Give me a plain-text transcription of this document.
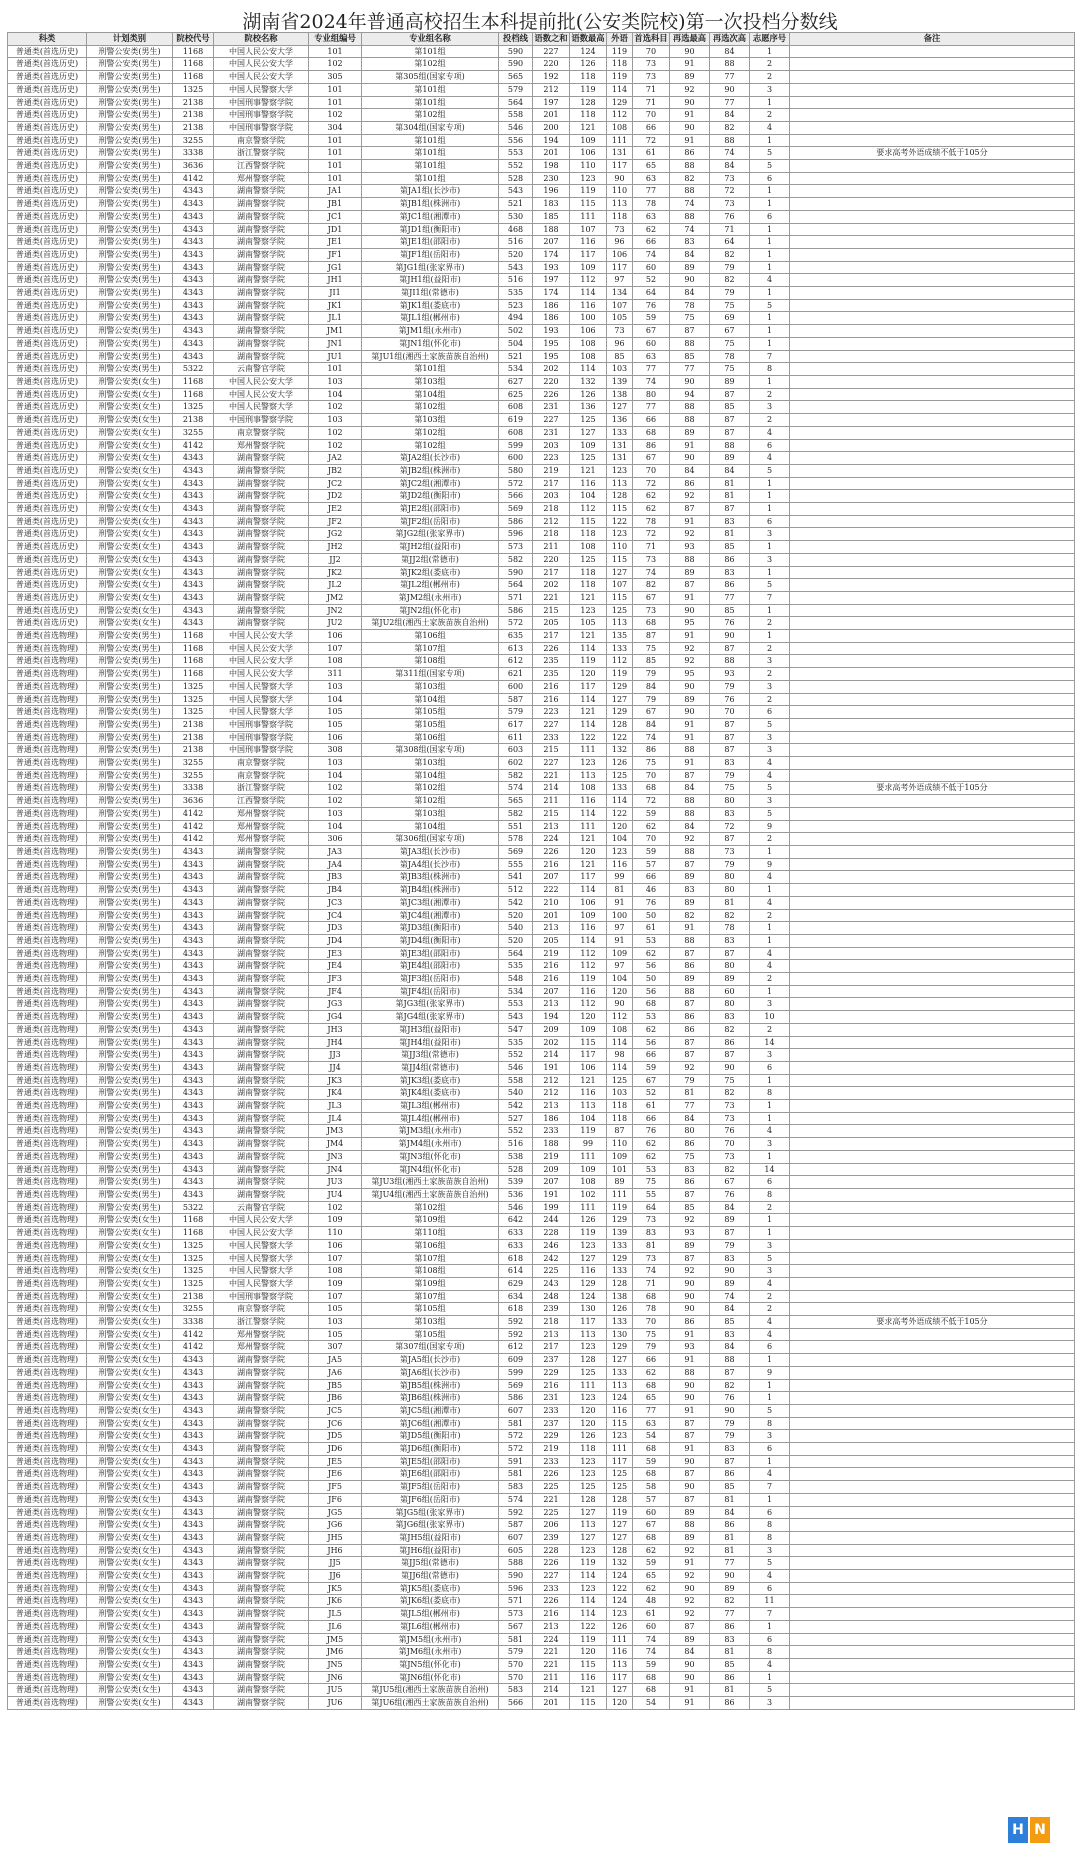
湖南省2024年普通高校招生本科提前批(公安类院校)第一次投档分数线
科类	计划类别	院校代号	院校名称	专业组编号	专业组名称	投档线	语数之和	语数最高	外语	首选科目	再选最高	再选次高	志愿序号	备注
普通类(首选历史)	刑警公安类(男生)	1168	中国人民公安大学	101	第101组	590	227	124	119	70	90	84	1	
普通类(首选历史)	刑警公安类(男生)	1168	中国人民公安大学	102	第102组	590	220	126	118	73	91	88	2	
普通类(首选历史)	刑警公安类(男生)	1168	中国人民公安大学	305	第305组(国家专项)	565	192	118	119	73	89	77	2	
普通类(首选历史)	刑警公安类(男生)	1325	中国人民警察大学	101	第101组	579	212	119	114	71	92	90	3	
普通类(首选历史)	刑警公安类(男生)	2138	中国刑事警察学院	101	第101组	564	197	128	129	71	90	77	1	
普通类(首选历史)	刑警公安类(男生)	2138	中国刑事警察学院	102	第102组	558	201	118	112	70	91	84	2	
普通类(首选历史)	刑警公安类(男生)	2138	中国刑事警察学院	304	第304组(国家专项)	546	200	121	108	66	90	82	4	
普通类(首选历史)	刑警公安类(男生)	3255	南京警察学院	101	第101组	556	194	109	111	72	91	88	1	
普通类(首选历史)	刑警公安类(男生)	3338	浙江警察学院	101	第101组	553	201	106	131	61	86	74	5	要求高考外语成绩不低于105分
普通类(首选历史)	刑警公安类(男生)	3636	江西警察学院	101	第101组	552	198	110	117	65	88	84	5	
普通类(首选历史)	刑警公安类(男生)	4142	郑州警察学院	101	第101组	528	230	123	90	63	82	73	6	
普通类(首选历史)	刑警公安类(男生)	4343	湖南警察学院	JA1	第JA1组(长沙市)	543	196	119	110	77	88	72	1	
普通类(首选历史)	刑警公安类(男生)	4343	湖南警察学院	JB1	第JB1组(株洲市)	521	183	115	113	78	74	73	1	
普通类(首选历史)	刑警公安类(男生)	4343	湖南警察学院	JC1	第JC1组(湘潭市)	530	185	111	118	63	88	76	6	
普通类(首选历史)	刑警公安类(男生)	4343	湖南警察学院	JD1	第JD1组(衡阳市)	468	188	107	73	62	74	71	1	
普通类(首选历史)	刑警公安类(男生)	4343	湖南警察学院	JE1	第JE1组(邵阳市)	516	207	116	96	66	83	64	1	
普通类(首选历史)	刑警公安类(男生)	4343	湖南警察学院	JF1	第JF1组(岳阳市)	520	174	117	106	74	84	82	1	
普通类(首选历史)	刑警公安类(男生)	4343	湖南警察学院	JG1	第JG1组(张家界市)	543	193	109	117	60	89	79	1	
普通类(首选历史)	刑警公安类(男生)	4343	湖南警察学院	JH1	第JH1组(益阳市)	516	197	112	97	52	90	82	4	
普通类(首选历史)	刑警公安类(男生)	4343	湖南警察学院	JI1	第JI1组(常德市)	535	174	114	134	64	84	79	1	
普通类(首选历史)	刑警公安类(男生)	4343	湖南警察学院	JK1	第JK1组(娄底市)	523	186	116	107	76	78	75	5	
普通类(首选历史)	刑警公安类(男生)	4343	湖南警察学院	JL1	第JL1组(郴州市)	494	186	100	105	59	75	69	1	
普通类(首选历史)	刑警公安类(男生)	4343	湖南警察学院	JM1	第JM1组(永州市)	502	193	106	73	67	87	67	1	
普通类(首选历史)	刑警公安类(男生)	4343	湖南警察学院	JN1	第JN1组(怀化市)	504	195	108	96	60	88	75	1	
普通类(首选历史)	刑警公安类(男生)	4343	湖南警察学院	JU1	第JU1组(湘西土家族苗族自治州)	521	195	108	85	63	85	78	7	
普通类(首选历史)	刑警公安类(男生)	5322	云南警官学院	101	第101组	534	202	114	103	77	77	75	8	
普通类(首选历史)	刑警公安类(女生)	1168	中国人民公安大学	103	第103组	627	220	132	139	74	90	89	1	
普通类(首选历史)	刑警公安类(女生)	1168	中国人民公安大学	104	第104组	625	226	126	138	80	94	87	2	
普通类(首选历史)	刑警公安类(女生)	1325	中国人民警察大学	102	第102组	608	231	136	127	77	88	85	3	
普通类(首选历史)	刑警公安类(女生)	2138	中国刑事警察学院	103	第103组	619	227	125	136	66	88	87	2	
普通类(首选历史)	刑警公安类(女生)	3255	南京警察学院	102	第102组	608	231	127	133	68	89	87	4	
普通类(首选历史)	刑警公安类(女生)	4142	郑州警察学院	102	第102组	599	203	109	131	86	91	88	6	
普通类(首选历史)	刑警公安类(女生)	4343	湖南警察学院	JA2	第JA2组(长沙市)	600	223	125	131	67	90	89	4	
普通类(首选历史)	刑警公安类(女生)	4343	湖南警察学院	JB2	第JB2组(株洲市)	580	219	121	123	70	84	84	5	
普通类(首选历史)	刑警公安类(女生)	4343	湖南警察学院	JC2	第JC2组(湘潭市)	572	217	116	113	72	86	81	1	
普通类(首选历史)	刑警公安类(女生)	4343	湖南警察学院	JD2	第JD2组(衡阳市)	566	203	104	128	62	92	81	1	
普通类(首选历史)	刑警公安类(女生)	4343	湖南警察学院	JE2	第JE2组(邵阳市)	569	218	112	115	62	87	87	1	
普通类(首选历史)	刑警公安类(女生)	4343	湖南警察学院	JF2	第JF2组(岳阳市)	586	212	115	122	78	91	83	6	
普通类(首选历史)	刑警公安类(女生)	4343	湖南警察学院	JG2	第JG2组(张家界市)	596	218	118	123	72	92	81	3	
普通类(首选历史)	刑警公安类(女生)	4343	湖南警察学院	JH2	第JH2组(益阳市)	573	211	108	110	71	93	85	1	
普通类(首选历史)	刑警公安类(女生)	4343	湖南警察学院	JJ2	第JJ2组(常德市)	582	220	125	115	73	88	86	3	
普通类(首选历史)	刑警公安类(女生)	4343	湖南警察学院	JK2	第JK2组(娄底市)	590	217	118	127	74	89	83	1	
普通类(首选历史)	刑警公安类(女生)	4343	湖南警察学院	JL2	第JL2组(郴州市)	564	202	118	107	82	87	86	5	
普通类(首选历史)	刑警公安类(女生)	4343	湖南警察学院	JM2	第JM2组(永州市)	571	221	121	115	67	91	77	7	
普通类(首选历史)	刑警公安类(女生)	4343	湖南警察学院	JN2	第JN2组(怀化市)	586	215	123	125	73	90	85	1	
普通类(首选历史)	刑警公安类(女生)	4343	湖南警察学院	JU2	第JU2组(湘西土家族苗族自治州)	572	205	105	113	68	95	76	2	
普通类(首选物理)	刑警公安类(男生)	1168	中国人民公安大学	106	第106组	635	217	121	135	87	91	90	1	
普通类(首选物理)	刑警公安类(男生)	1168	中国人民公安大学	107	第107组	613	226	114	133	75	92	87	2	
普通类(首选物理)	刑警公安类(男生)	1168	中国人民公安大学	108	第108组	612	235	119	112	85	92	88	3	
普通类(首选物理)	刑警公安类(男生)	1168	中国人民公安大学	311	第311组(国家专项)	621	235	120	119	79	95	93	2	
普通类(首选物理)	刑警公安类(男生)	1325	中国人民警察大学	103	第103组	600	216	117	129	84	90	79	3	
普通类(首选物理)	刑警公安类(男生)	1325	中国人民警察大学	104	第104组	587	216	114	127	79	89	76	2	
普通类(首选物理)	刑警公安类(男生)	1325	中国人民警察大学	105	第105组	579	223	121	129	67	90	70	6	
普通类(首选物理)	刑警公安类(男生)	2138	中国刑事警察学院	105	第105组	617	227	114	128	84	91	87	5	
普通类(首选物理)	刑警公安类(男生)	2138	中国刑事警察学院	106	第106组	611	233	122	122	74	91	87	3	
普通类(首选物理)	刑警公安类(男生)	2138	中国刑事警察学院	308	第308组(国家专项)	603	215	111	132	86	88	87	3	
普通类(首选物理)	刑警公安类(男生)	3255	南京警察学院	103	第103组	602	227	123	126	75	91	83	4	
普通类(首选物理)	刑警公安类(男生)	3255	南京警察学院	104	第104组	582	221	113	125	70	87	79	4	
普通类(首选物理)	刑警公安类(男生)	3338	浙江警察学院	102	第102组	574	214	108	133	68	84	75	5	要求高考外语成绩不低于105分
普通类(首选物理)	刑警公安类(男生)	3636	江西警察学院	102	第102组	565	211	116	114	72	88	80	3	
普通类(首选物理)	刑警公安类(男生)	4142	郑州警察学院	103	第103组	582	215	114	122	59	88	83	5	
普通类(首选物理)	刑警公安类(男生)	4142	郑州警察学院	104	第104组	551	213	111	120	62	84	72	9	
普通类(首选物理)	刑警公安类(男生)	4142	郑州警察学院	306	第306组(国家专项)	578	224	121	104	70	92	87	2	
普通类(首选物理)	刑警公安类(男生)	4343	湖南警察学院	JA3	第JA3组(长沙市)	569	226	120	123	59	88	73	1	
普通类(首选物理)	刑警公安类(男生)	4343	湖南警察学院	JA4	第JA4组(长沙市)	555	216	121	116	57	87	79	9	
普通类(首选物理)	刑警公安类(男生)	4343	湖南警察学院	JB3	第JB3组(株洲市)	541	207	117	99	66	89	80	4	
普通类(首选物理)	刑警公安类(男生)	4343	湖南警察学院	JB4	第JB4组(株洲市)	512	222	114	81	46	83	80	1	
普通类(首选物理)	刑警公安类(男生)	4343	湖南警察学院	JC3	第JC3组(湘潭市)	542	210	106	91	76	89	81	4	
普通类(首选物理)	刑警公安类(男生)	4343	湖南警察学院	JC4	第JC4组(湘潭市)	520	201	109	100	50	82	82	2	
普通类(首选物理)	刑警公安类(男生)	4343	湖南警察学院	JD3	第JD3组(衡阳市)	540	213	116	97	61	91	78	1	
普通类(首选物理)	刑警公安类(男生)	4343	湖南警察学院	JD4	第JD4组(衡阳市)	520	205	114	91	53	88	83	1	
普通类(首选物理)	刑警公安类(男生)	4343	湖南警察学院	JE3	第JE3组(邵阳市)	564	219	112	109	62	87	87	4	
普通类(首选物理)	刑警公安类(男生)	4343	湖南警察学院	JE4	第JE4组(邵阳市)	535	216	112	97	56	86	80	4	
普通类(首选物理)	刑警公安类(男生)	4343	湖南警察学院	JF3	第JF3组(岳阳市)	548	216	119	104	50	89	89	2	
普通类(首选物理)	刑警公安类(男生)	4343	湖南警察学院	JF4	第JF4组(岳阳市)	534	207	116	120	56	88	60	1	
普通类(首选物理)	刑警公安类(男生)	4343	湖南警察学院	JG3	第JG3组(张家界市)	553	213	112	90	68	87	80	3	
普通类(首选物理)	刑警公安类(男生)	4343	湖南警察学院	JG4	第JG4组(张家界市)	543	194	120	112	53	86	83	10	
普通类(首选物理)	刑警公安类(男生)	4343	湖南警察学院	JH3	第JH3组(益阳市)	547	209	109	108	62	86	82	2	
普通类(首选物理)	刑警公安类(男生)	4343	湖南警察学院	JH4	第JH4组(益阳市)	535	202	115	114	56	87	86	14	
普通类(首选物理)	刑警公安类(男生)	4343	湖南警察学院	JJ3	第JJ3组(常德市)	552	214	117	98	66	87	87	3	
普通类(首选物理)	刑警公安类(男生)	4343	湖南警察学院	JJ4	第JJ4组(常德市)	546	191	106	114	59	92	90	6	
普通类(首选物理)	刑警公安类(男生)	4343	湖南警察学院	JK3	第JK3组(娄底市)	558	212	121	125	67	79	75	1	
普通类(首选物理)	刑警公安类(男生)	4343	湖南警察学院	JK4	第JK4组(娄底市)	540	212	116	103	52	81	82	8	
普通类(首选物理)	刑警公安类(男生)	4343	湖南警察学院	JL3	第JL3组(郴州市)	542	213	113	118	61	77	73	1	
普通类(首选物理)	刑警公安类(男生)	4343	湖南警察学院	JL4	第JL4组(郴州市)	527	186	104	118	66	84	73	1	
普通类(首选物理)	刑警公安类(男生)	4343	湖南警察学院	JM3	第JM3组(永州市)	552	233	119	87	76	80	76	4	
普通类(首选物理)	刑警公安类(男生)	4343	湖南警察学院	JM4	第JM4组(永州市)	516	188	99	110	62	86	70	3	
普通类(首选物理)	刑警公安类(男生)	4343	湖南警察学院	JN3	第JN3组(怀化市)	538	219	111	109	62	75	73	1	
普通类(首选物理)	刑警公安类(男生)	4343	湖南警察学院	JN4	第JN4组(怀化市)	528	209	109	101	53	83	82	14	
普通类(首选物理)	刑警公安类(男生)	4343	湖南警察学院	JU3	第JU3组(湘西土家族苗族自治州)	539	207	108	89	75	86	67	6	
普通类(首选物理)	刑警公安类(男生)	4343	湖南警察学院	JU4	第JU4组(湘西土家族苗族自治州)	536	191	102	111	55	87	76	8	
普通类(首选物理)	刑警公安类(男生)	5322	云南警官学院	102	第102组	546	199	111	119	64	85	84	2	
普通类(首选物理)	刑警公安类(女生)	1168	中国人民公安大学	109	第109组	642	244	126	129	73	92	89	1	
普通类(首选物理)	刑警公安类(女生)	1168	中国人民公安大学	110	第110组	633	228	119	139	83	93	87	1	
普通类(首选物理)	刑警公安类(女生)	1325	中国人民警察大学	106	第106组	633	246	123	133	81	89	79	3	
普通类(首选物理)	刑警公安类(女生)	1325	中国人民警察大学	107	第107组	618	242	127	129	73	87	83	5	
普通类(首选物理)	刑警公安类(女生)	1325	中国人民警察大学	108	第108组	614	225	116	133	74	92	90	3	
普通类(首选物理)	刑警公安类(女生)	1325	中国人民警察大学	109	第109组	629	243	129	128	71	90	89	4	
普通类(首选物理)	刑警公安类(女生)	2138	中国刑事警察学院	107	第107组	634	248	124	138	68	90	74	2	
普通类(首选物理)	刑警公安类(女生)	3255	南京警察学院	105	第105组	618	239	130	126	78	90	84	2	
普通类(首选物理)	刑警公安类(女生)	3338	浙江警察学院	103	第103组	592	218	117	133	70	86	85	4	要求高考外语成绩不低于105分
普通类(首选物理)	刑警公安类(女生)	4142	郑州警察学院	105	第105组	592	213	113	130	75	91	83	4	
普通类(首选物理)	刑警公安类(女生)	4142	郑州警察学院	307	第307组(国家专项)	612	217	123	129	79	93	84	6	
普通类(首选物理)	刑警公安类(女生)	4343	湖南警察学院	JA5	第JA5组(长沙市)	609	237	128	127	66	91	88	1	
普通类(首选物理)	刑警公安类(女生)	4343	湖南警察学院	JA6	第JA6组(长沙市)	599	229	125	133	62	88	87	9	
普通类(首选物理)	刑警公安类(女生)	4343	湖南警察学院	JB5	第JB5组(株洲市)	569	216	111	113	68	90	82	1	
普通类(首选物理)	刑警公安类(女生)	4343	湖南警察学院	JB6	第JB6组(株洲市)	586	231	123	124	65	90	76	1	
普通类(首选物理)	刑警公安类(女生)	4343	湖南警察学院	JC5	第JC5组(湘潭市)	607	233	120	116	77	91	90	5	
普通类(首选物理)	刑警公安类(女生)	4343	湖南警察学院	JC6	第JC6组(湘潭市)	581	237	120	115	63	87	79	8	
普通类(首选物理)	刑警公安类(女生)	4343	湖南警察学院	JD5	第JD5组(衡阳市)	572	229	126	123	54	87	79	3	
普通类(首选物理)	刑警公安类(女生)	4343	湖南警察学院	JD6	第JD6组(衡阳市)	572	219	118	111	68	91	83	6	
普通类(首选物理)	刑警公安类(女生)	4343	湖南警察学院	JE5	第JE5组(邵阳市)	591	233	123	117	59	90	87	1	
普通类(首选物理)	刑警公安类(女生)	4343	湖南警察学院	JE6	第JE6组(邵阳市)	581	226	123	125	68	87	86	4	
普通类(首选物理)	刑警公安类(女生)	4343	湖南警察学院	JF5	第JF5组(岳阳市)	583	225	125	125	58	90	85	7	
普通类(首选物理)	刑警公安类(女生)	4343	湖南警察学院	JF6	第JF6组(岳阳市)	574	221	128	128	57	87	81	1	
普通类(首选物理)	刑警公安类(女生)	4343	湖南警察学院	JG5	第JG5组(张家界市)	592	225	127	119	60	89	84	6	
普通类(首选物理)	刑警公安类(女生)	4343	湖南警察学院	JG6	第JG6组(张家界市)	587	206	113	127	67	88	86	8	
普通类(首选物理)	刑警公安类(女生)	4343	湖南警察学院	JH5	第JH5组(益阳市)	607	239	127	127	68	89	81	8	
普通类(首选物理)	刑警公安类(女生)	4343	湖南警察学院	JH6	第JH6组(益阳市)	605	228	123	128	62	92	81	3	
普通类(首选物理)	刑警公安类(女生)	4343	湖南警察学院	JJ5	第JJ5组(常德市)	588	226	119	132	59	91	77	5	
普通类(首选物理)	刑警公安类(女生)	4343	湖南警察学院	JJ6	第JJ6组(常德市)	590	227	114	124	65	92	90	4	
普通类(首选物理)	刑警公安类(女生)	4343	湖南警察学院	JK5	第JK5组(娄底市)	596	233	123	122	62	90	89	6	
普通类(首选物理)	刑警公安类(女生)	4343	湖南警察学院	JK6	第JK6组(娄底市)	571	226	114	124	48	92	82	11	
普通类(首选物理)	刑警公安类(女生)	4343	湖南警察学院	JL5	第JL5组(郴州市)	573	216	114	123	61	92	77	7	
普通类(首选物理)	刑警公安类(女生)	4343	湖南警察学院	JL6	第JL6组(郴州市)	567	213	122	126	60	87	86	1	
普通类(首选物理)	刑警公安类(女生)	4343	湖南警察学院	JM5	第JM5组(永州市)	581	224	119	111	74	89	83	6	
普通类(首选物理)	刑警公安类(女生)	4343	湖南警察学院	JM6	第JM6组(永州市)	579	221	120	116	74	84	81	8	
普通类(首选物理)	刑警公安类(女生)	4343	湖南警察学院	JN5	第JN5组(怀化市)	570	221	115	113	59	90	85	4	
普通类(首选物理)	刑警公安类(女生)	4343	湖南警察学院	JN6	第JN6组(怀化市)	570	211	116	117	68	90	86	1	
普通类(首选物理)	刑警公安类(女生)	4343	湖南警察学院	JU5	第JU5组(湘西土家族苗族自治州)	583	214	121	127	68	91	81	5	
普通类(首选物理)	刑警公安类(女生)	4343	湖南警察学院	JU6	第JU6组(湘西土家族苗族自治州)	566	201	115	120	54	91	86	3	
H N
